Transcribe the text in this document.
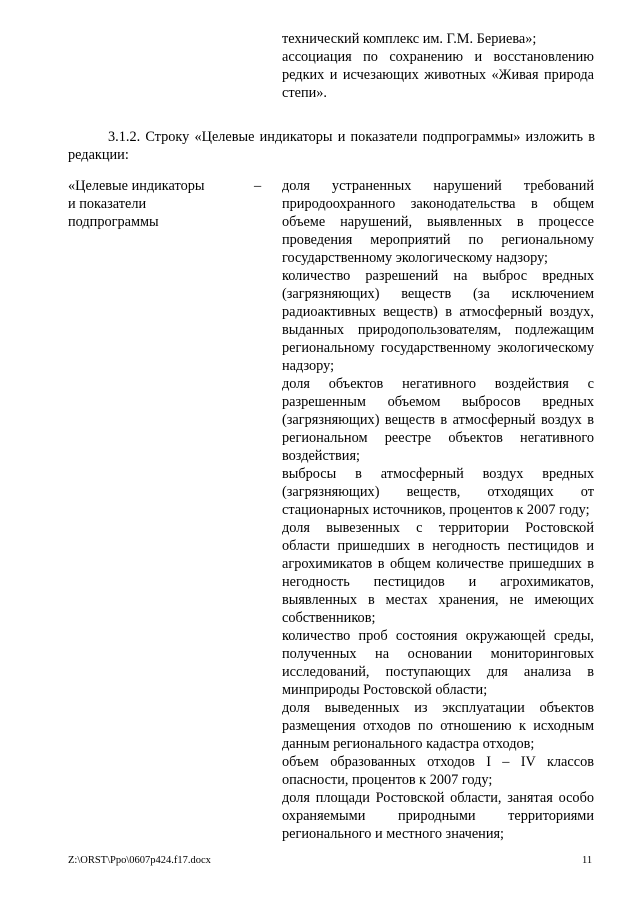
технический комплекс им. Г.М. Бериева»;

ассоциация по сохранению и восстановлению редких и исчезающих животных «Живая природа степи».

3.1.2. Строку «Целевые индикаторы и показатели подпрограммы» изложить в редакции:
«Целевые индикаторы и показатели подпрограммы
– доля устраненных нарушений требований природоохранного законодательства в общем объеме нарушений, выявленных в процессе проведения мероприятий по региональному государственному экологическому надзору;

количество разрешений на выброс вредных (загрязняющих) веществ (за исключением радиоактивных веществ) в атмосферный воздух, выданных природопользователям, подлежащим региональному государственному экологическому надзору;

доля объектов негативного воздействия с разрешенным объемом выбросов вредных (загрязняющих) веществ в атмосферный воздух в региональном реестре объектов негативного воздействия;

выбросы в атмосферный воздух вредных (загрязняющих) веществ, отходящих от стационарных источников, процентов к 2007 году;

доля вывезенных с территории Ростовской области пришедших в негодность пестицидов и агрохимикатов в общем количестве пришедших в негодность пестицидов и агрохимикатов, выявленных в местах хранения, не имеющих собственников;

количество проб состояния окружающей среды, полученных на основании мониторинговых исследований, поступающих для анализа в минприроды Ростовской области;

доля выведенных из эксплуатации объектов размещения отходов по отношению к исходным данным регионального кадастра отходов;

объем образованных отходов I – IV классов опасности, процентов к 2007 году;

доля площади Ростовской области, занятая особо охраняемыми природными территориями регионального и местного значения;

Z:\ORST\Ppo\0607p424.f17.docx	11
